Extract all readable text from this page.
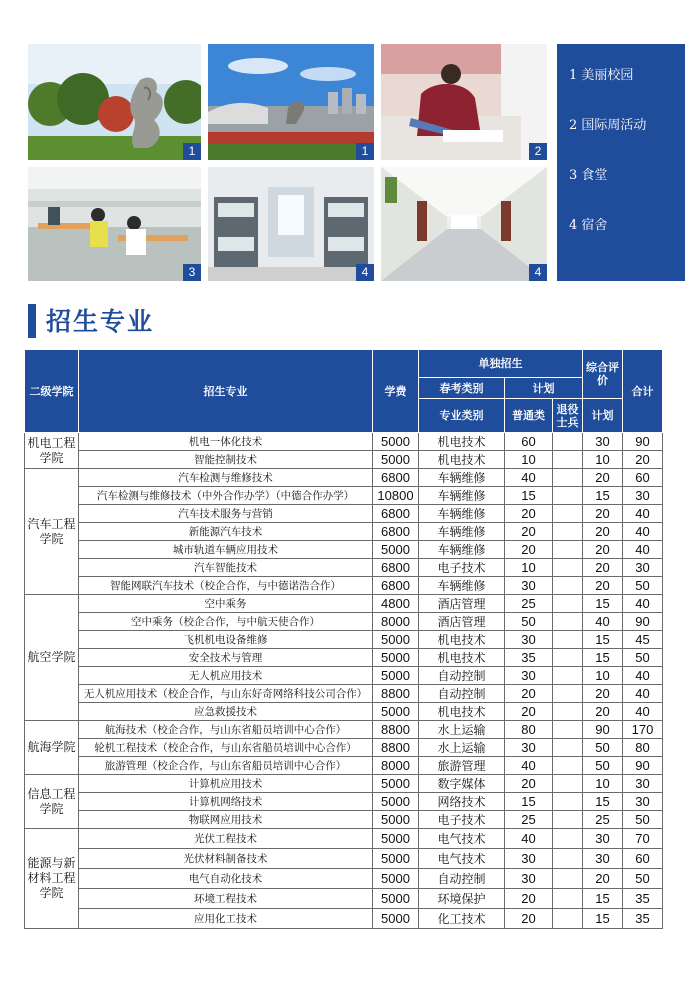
1	1	2
3	4	4
1 美丽校园
2 国际周活动
3 食堂
4 宿舍
招生专业
二级学院	招生专业	学费	单独招生			综合评价	合计
			春考类别	计划			
			专业类别	普通类	退役士兵	计划	
机电工程学院	机电一体化技术	5000	机电技术	60		30	90
	智能控制技术	5000	机电技术	10		10	20
汽车工程学院	汽车检测与维修技术	6800	车辆维修	40		20	60
	汽车检测与维修技术（中外合作办学）（中德合作办学）	10800	车辆维修	15		15	30
	汽车技术服务与营销	6800	车辆维修	20		20	40
	新能源汽车技术	6800	车辆维修	20		20	40
	城市轨道车辆应用技术	5000	车辆维修	20		20	40
	汽车智能技术	6800	电子技术	10		20	30
	智能网联汽车技术（校企合作，与中德诺浩合作）	6800	车辆维修	30		20	50
航空学院	空中乘务	4800	酒店管理	25		15	40
	空中乘务（校企合作，与中航天使合作）	8000	酒店管理	50		40	90
	飞机机电设备维修	5000	机电技术	30		15	45
	安全技术与管理	5000	机电技术	35		15	50
	无人机应用技术	5000	自动控制	30		10	40
	无人机应用技术（校企合作，与山东好奇网络科技公司合作）	8800	自动控制	20		20	40
	应急救援技术	5000	机电技术	20		20	40
航海学院	航海技术（校企合作，与山东省船员培训中心合作）	8800	水上运输	80		90	170
	轮机工程技术（校企合作，与山东省船员培训中心合作）	8800	水上运输	30		50	80
	旅游管理（校企合作，与山东省船员培训中心合作）	8000	旅游管理	40		50	90
信息工程学院	计算机应用技术	5000	数字媒体	20		10	30
	计算机网络技术	5000	网络技术	15		15	30
	物联网应用技术	5000	电子技术	25		25	50
能源与新材料工程学院	光伏工程技术	5000	电气技术	40		30	70
	光伏材料制备技术	5000	电气技术	30		30	60
	电气自动化技术	5000	自动控制	30		20	50
	环境工程技术	5000	环境保护	20		15	35
	应用化工技术	5000	化工技术	20		15	35
